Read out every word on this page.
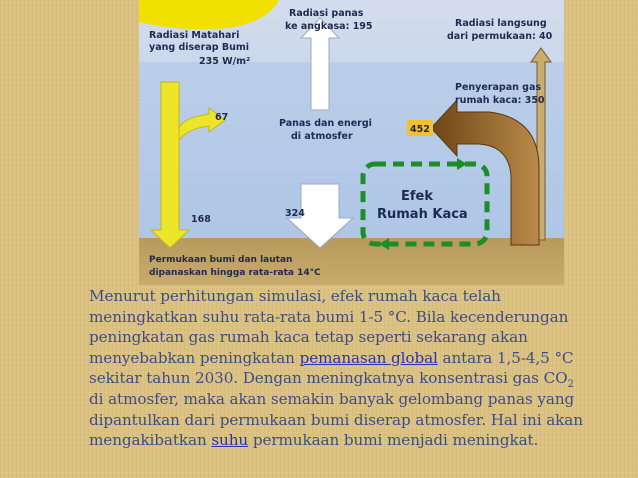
Radiasi Matahari
yang diserap Bumi
235 W/m²
Radiasi panas
ke angkasa: 195	Radiasi langsung
dari permukaan: 40
Penyerapan gas
rumah kaca: 350
Panas dan energi
di atmosfer
67
168
324
452
Efek
Rumah Kaca
Permukaan bumi dan lautan
dipanaskan hingga rata-rata 14°C
Menurut perhitungan simulasi, efek rumah kaca telah meningkatkan suhu rata-rata bumi 1-5 °C. Bila kecenderungan peningkatan gas rumah kaca tetap seperti sekarang akan menyebabkan peningkatan pemanasan global antara 1,5-4,5 °C sekitar tahun 2030. Dengan meningkatnya konsentrasi gas $CO_2$ di atmosfer, maka akan semakin banyak gelombang panas yang dipantulkan dari permukaan bumi diserap atmosfer. Hal ini akan mengakibatkan suhu permukaan bumi menjadi meningkat.
